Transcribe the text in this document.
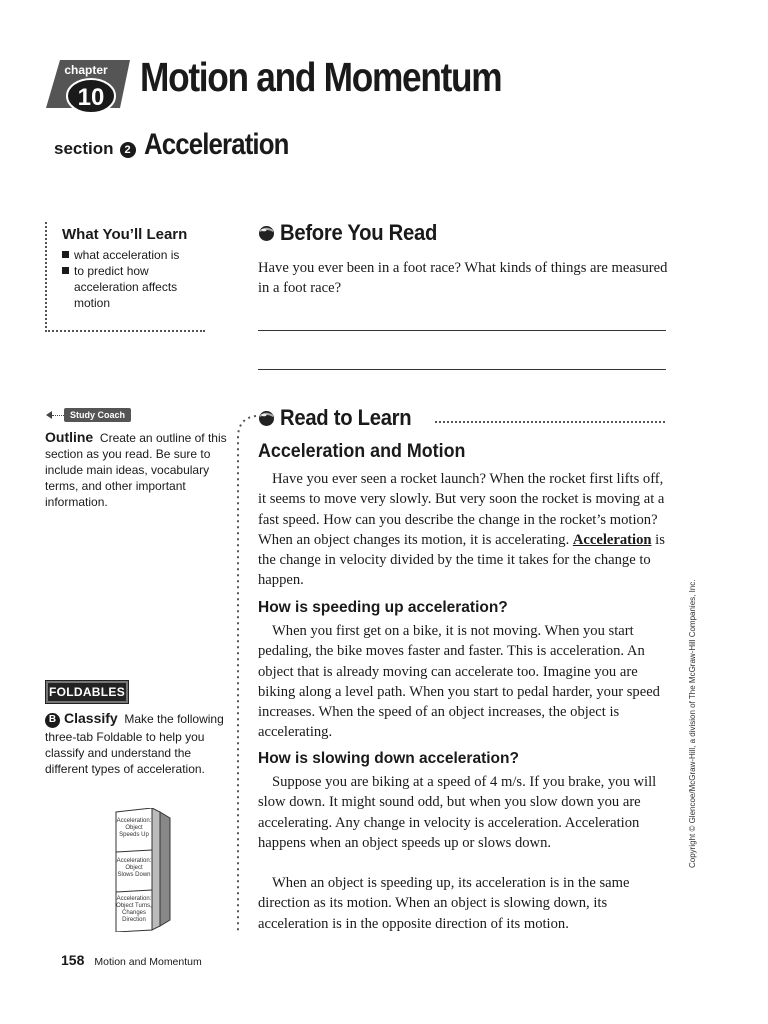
chapter
10 Motion and Momentum
section 2 Acceleration
What You’ll Learn
what acceleration is
to predict how acceleration affects motion
Study Coach
Outline Create an outline of this section as you read. Be sure to include main ideas, vocabulary terms, and other important information.
FOLDABLES
B Classify Make the following three-tab Foldable to help you classify and understand the different types of acceleration.
Acceleration: Object Speeds Up
Acceleration: Object Slows Down
Acceleration: Object Turns, Changes Direction
Before You Read
Have you ever been in a foot race? What kinds of things are measured in a foot race?
Read to Learn
Acceleration and Motion
Have you ever seen a rocket launch? When the rocket first lifts off, it seems to move very slowly. But very soon the rocket is moving at a fast speed. How can you describe the change in the rocket’s motion? When an object changes its motion, it is accelerating. Acceleration is the change in velocity divided by the time it takes for the change to happen.
How is speeding up acceleration?
When you first get on a bike, it is not moving. When you start pedaling, the bike moves faster and faster. This is acceleration. An object that is already moving can accelerate too. Imagine you are biking along a level path. When you start to pedal harder, your speed increases. When the speed of an object increases, the object is accelerating.
How is slowing down acceleration?
Suppose you are biking at a speed of 4 m/s. If you brake, you will slow down. It might sound odd, but when you slow down you are accelerating. Any change in velocity is acceleration. Acceleration happens when an object speeds up or slows down.
When an object is speeding up, its acceleration is in the same direction as its motion. When an object is slowing down, its acceleration is in the opposite direction of its motion.
Copyright © Glencoe/McGraw-Hill, a division of The McGraw-Hill Companies, Inc.
158 Motion and Momentum
